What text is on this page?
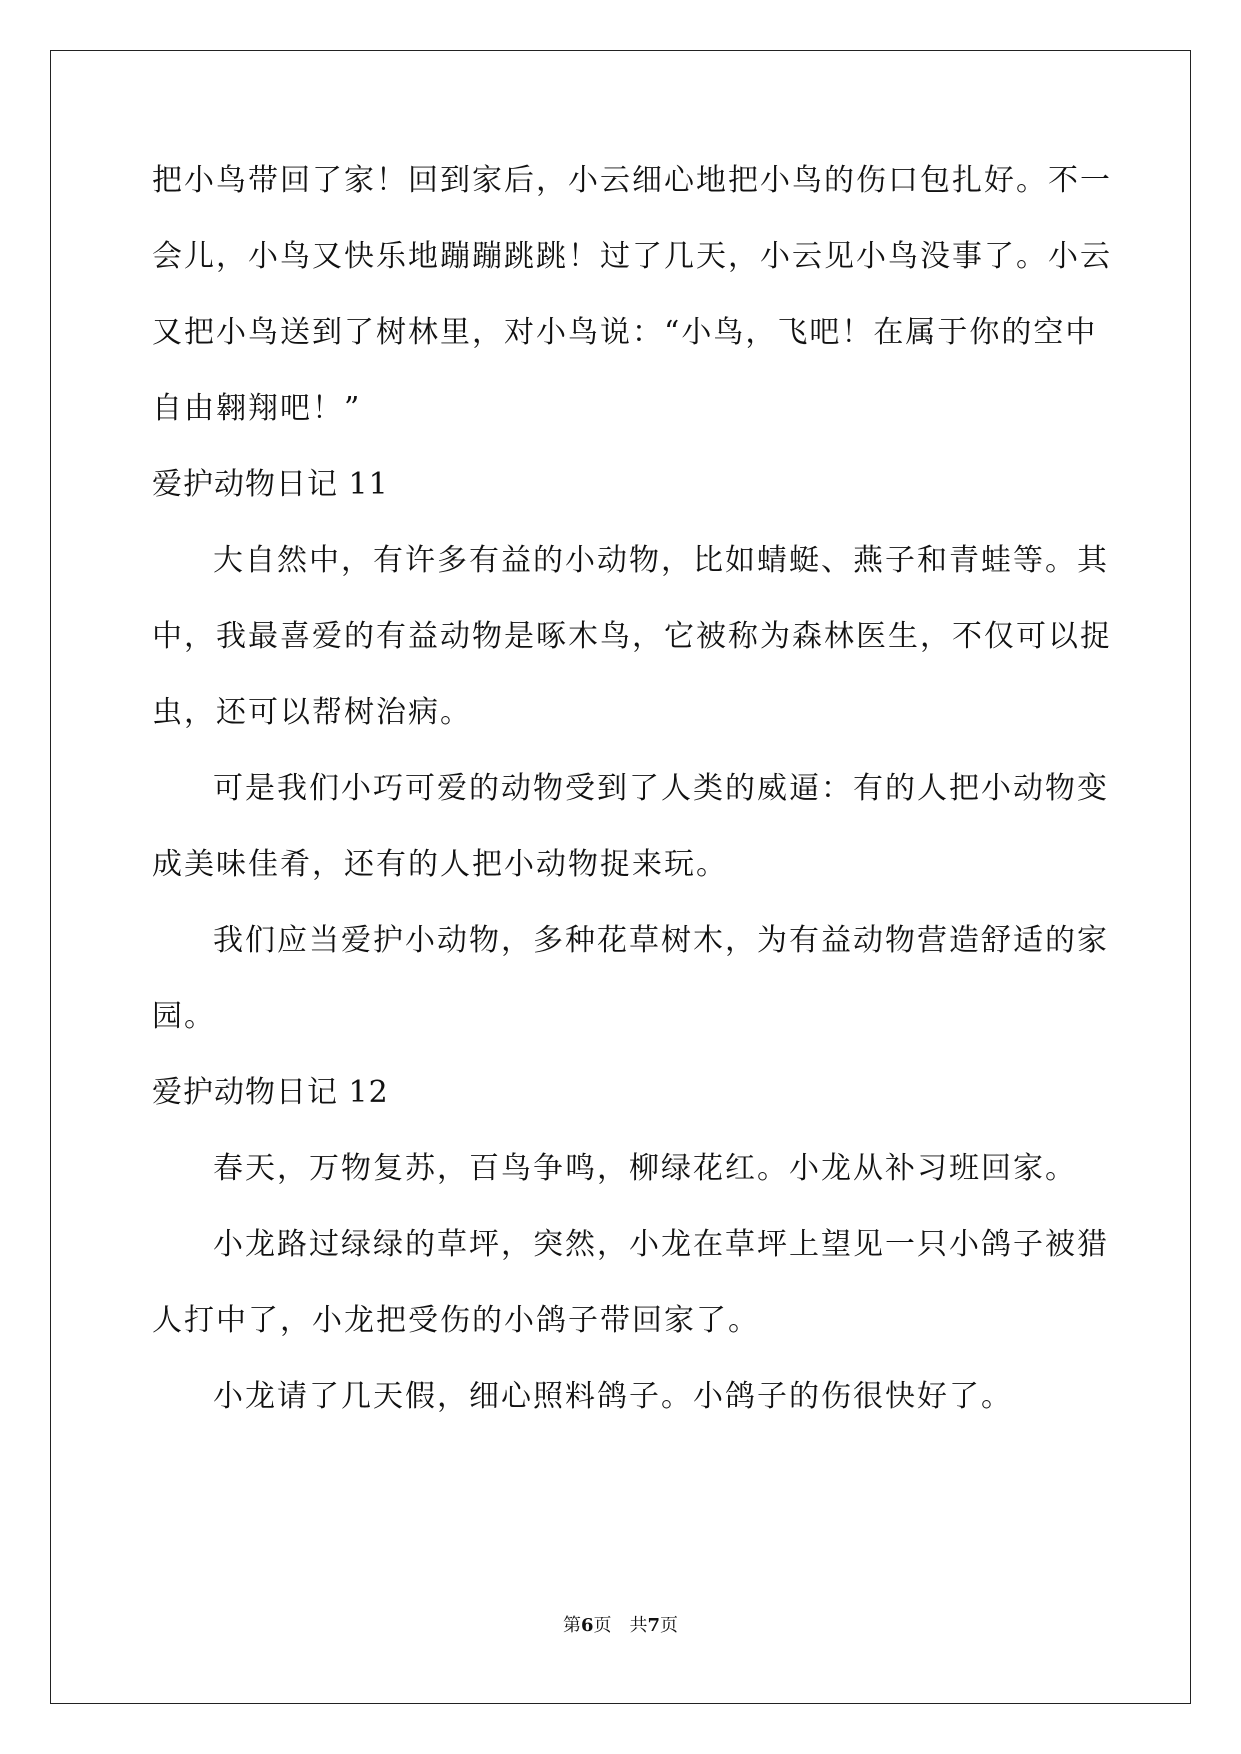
把小鸟带回了家！回到家后，小云细心地把小鸟的伤口包扎好。不一
会儿，小鸟又快乐地蹦蹦跳跳！过了几天，小云见小鸟没事了。小云
又把小鸟送到了树林里，对小鸟说：“小鸟，飞吧！在属于你的空中
自由翱翔吧！”
爱护动物日记 11
大自然中，有许多有益的小动物，比如蜻蜓、燕子和青蛙等。其
中，我最喜爱的有益动物是啄木鸟，它被称为森林医生，不仅可以捉
虫，还可以帮树治病。
可是我们小巧可爱的动物受到了人类的威逼：有的人把小动物变
成美味佳肴，还有的人把小动物捉来玩。
我们应当爱护小动物，多种花草树木，为有益动物营造舒适的家
园。
爱护动物日记 12
春天，万物复苏，百鸟争鸣，柳绿花红。小龙从补习班回家。
小龙路过绿绿的草坪，突然，小龙在草坪上望见一只小鸽子被猎
人打中了，小龙把受伤的小鸽子带回家了。
小龙请了几天假，细心照料鸽子。小鸽子的伤很快好了。
第6页　共7页
